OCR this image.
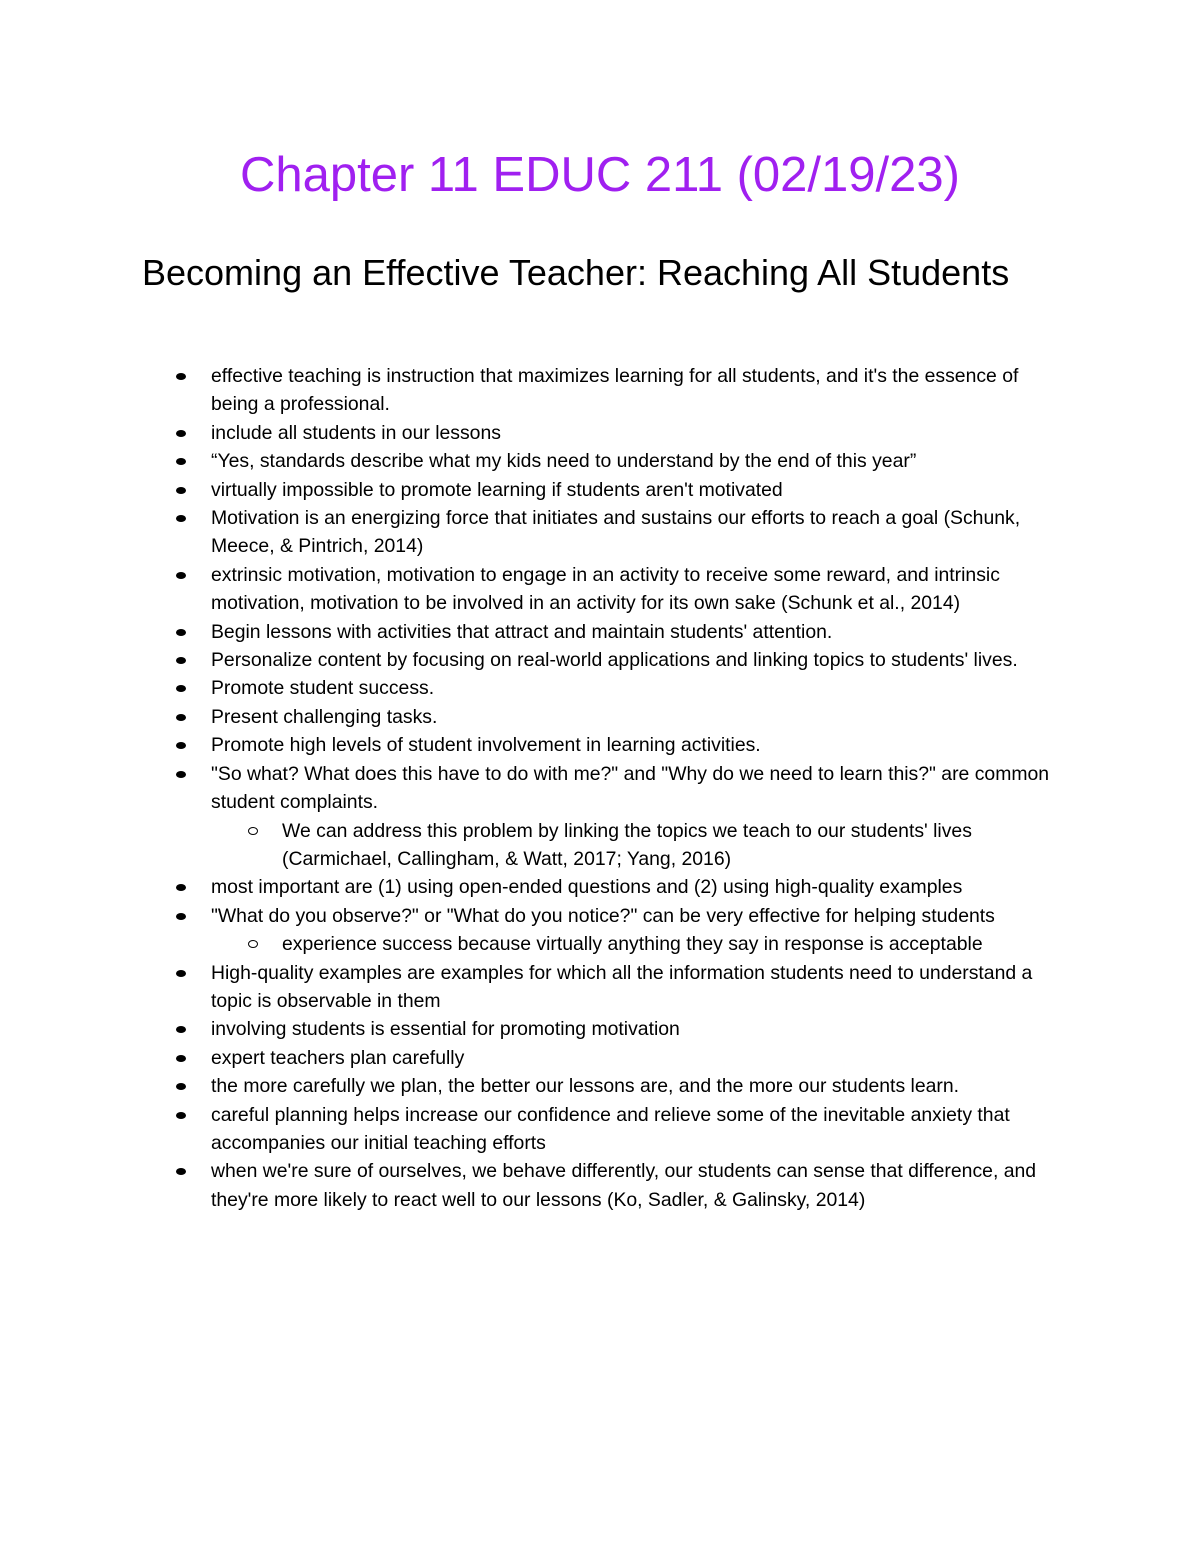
Chapter 11 EDUC 211 (02/19/23)
Becoming an Effective Teacher: Reaching All Students
effective teaching is instruction that maximizes learning for all students, and it's the essence of being a professional.
include all students in our lessons
“Yes, standards describe what my kids need to understand by the end of this year”
virtually impossible to promote learning if students aren't motivated
Motivation is an energizing force that initiates and sustains our efforts to reach a goal (Schunk, Meece, & Pintrich, 2014)
extrinsic motivation, motivation to engage in an activity to receive some reward, and intrinsic motivation, motivation to be involved in an activity for its own sake (Schunk et al., 2014)
Begin lessons with activities that attract and maintain students' attention.
Personalize content by focusing on real-world applications and linking topics to students' lives.
Promote student success.
Present challenging tasks.
Promote high levels of student involvement in learning activities.
"So what? What does this have to do with me?" and "Why do we need to learn this?" are common student complaints.
We can address this problem by linking the topics we teach to our students' lives (Carmichael, Callingham, & Watt, 2017; Yang, 2016)
most important are (1) using open-ended questions and (2) using high-quality examples
"What do you observe?" or "What do you notice?" can be very effective for helping students
experience success because virtually anything they say in response is acceptable
High-quality examples are examples for which all the information students need to understand a topic is observable in them
involving students is essential for promoting motivation
expert teachers plan carefully
the more carefully we plan, the better our lessons are, and the more our students learn.
careful planning helps increase our confidence and relieve some of the inevitable anxiety that accompanies our initial teaching efforts
when we're sure of ourselves, we behave differently, our students can sense that difference, and they're more likely to react well to our lessons (Ko, Sadler, & Galinsky, 2014)
